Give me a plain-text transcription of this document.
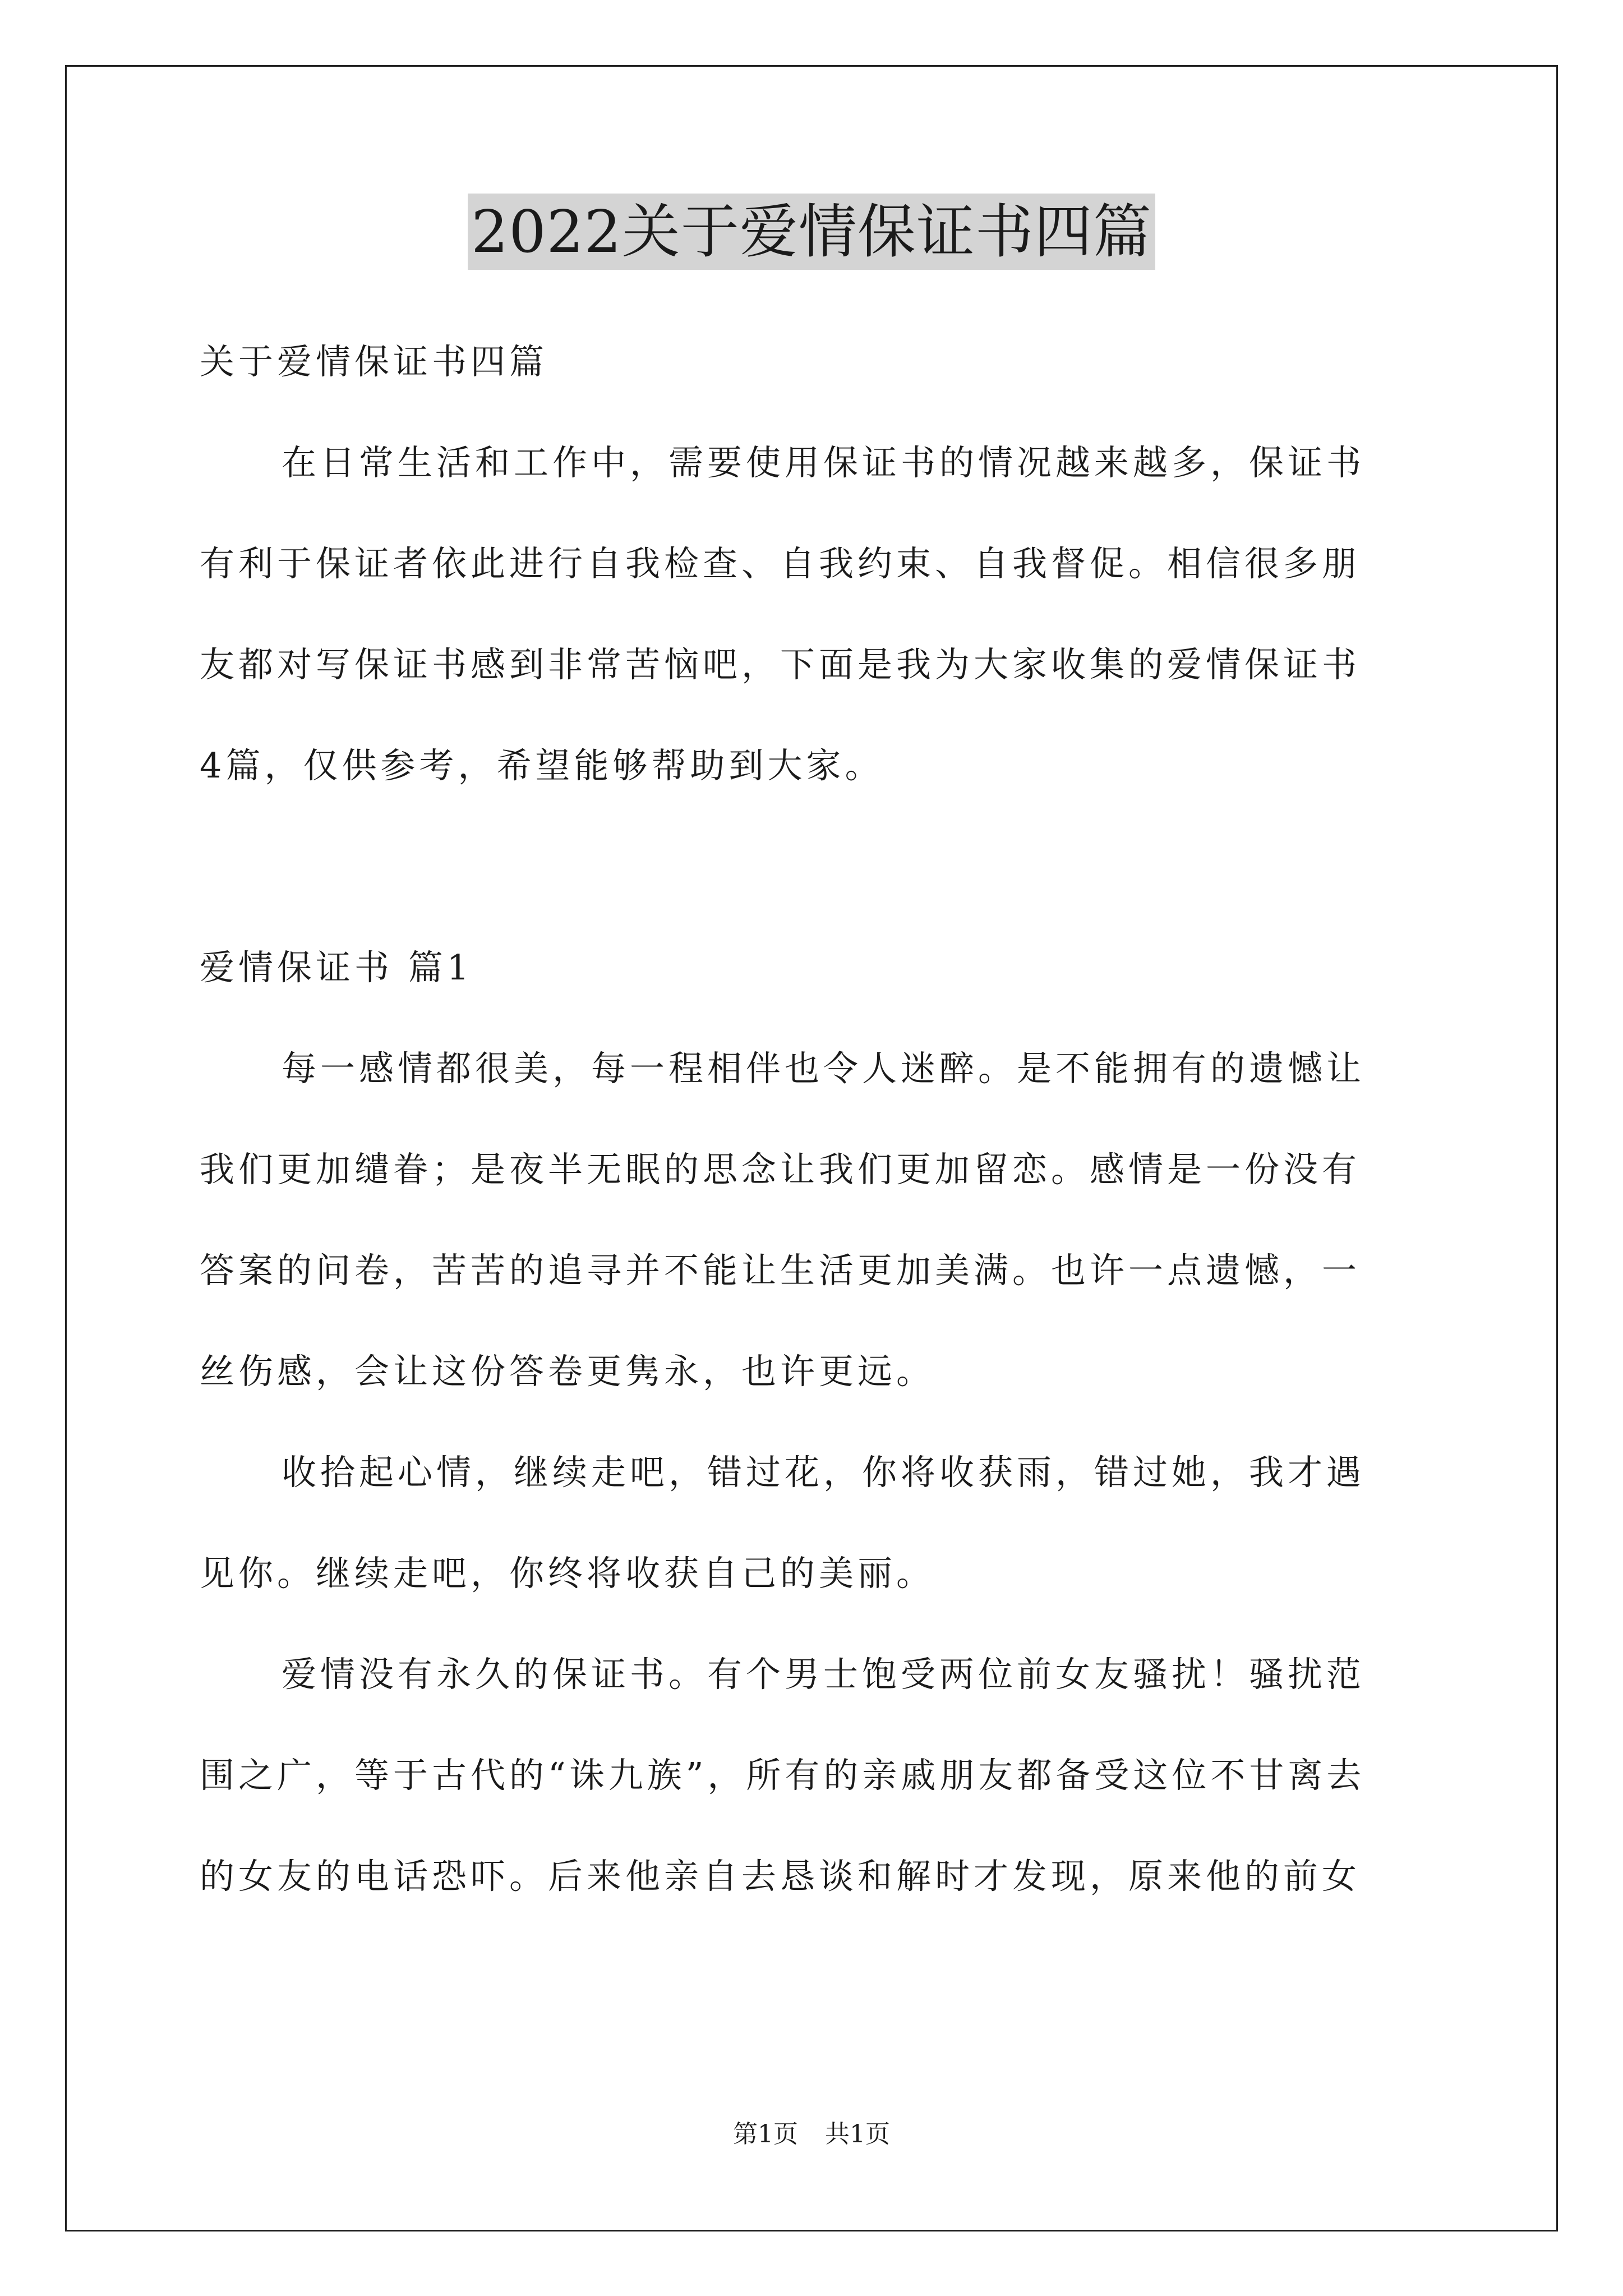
2022关于爱情保证书四篇
关于爱情保证书四篇
在日常生活和工作中，需要使用保证书的情况越来越多，保证书
有利于保证者依此进行自我检查、自我约束、自我督促。相信很多朋
友都对写保证书感到非常苦恼吧，下面是我为大家收集的爱情保证书
4篇，仅供参考，希望能够帮助到大家。
爱情保证书 篇1
每一感情都很美，每一程相伴也令人迷醉。是不能拥有的遗憾让
我们更加缱眷；是夜半无眠的思念让我们更加留恋。感情是一份没有
答案的问卷，苦苦的追寻并不能让生活更加美满。也许一点遗憾，一
丝伤感，会让这份答卷更隽永，也许更远。
收拾起心情，继续走吧，错过花，你将收获雨，错过她，我才遇
见你。继续走吧，你终将收获自己的美丽。
爱情没有永久的保证书。有个男士饱受两位前女友骚扰！骚扰范
围之广，等于古代的“诛九族”，所有的亲戚朋友都备受这位不甘离去
的女友的电话恐吓。后来他亲自去恳谈和解时才发现，原来他的前女
第1页 共1页
